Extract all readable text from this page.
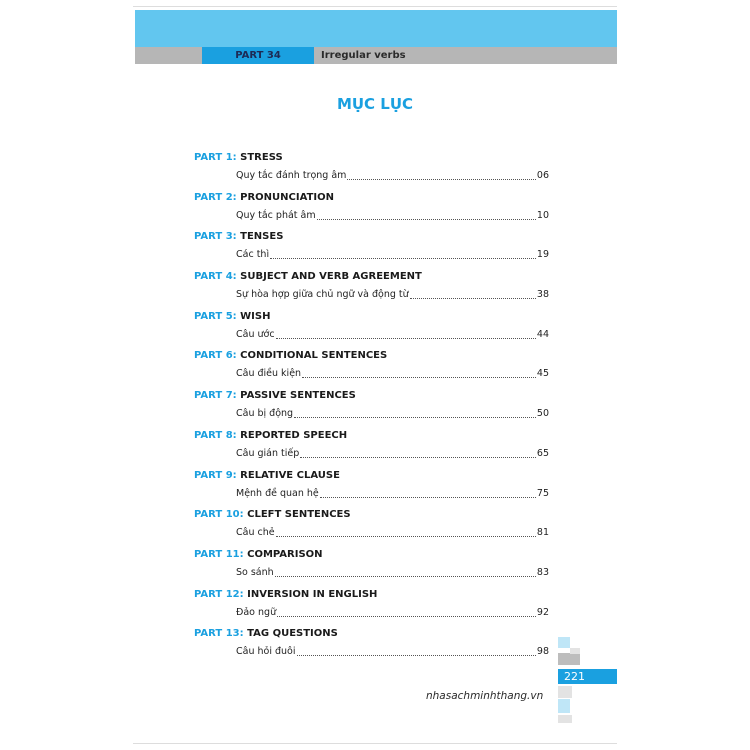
PART 34	Irregular verbs
MỤC LỤC
PART 1: STRESS
Quy tắc đánh trọng âm	06
PART 2: PRONUNCIATION
Quy tắc phát âm	10
PART 3: TENSES
Các thì	19
PART 4: SUBJECT AND VERB AGREEMENT
Sự hòa hợp giữa chủ ngữ và động từ	38
PART 5: WISH
Câu ước	44
PART 6: CONDITIONAL SENTENCES
Câu điều kiện	45
PART 7: PASSIVE SENTENCES
Câu bị động	50
PART 8: REPORTED SPEECH
Câu gián tiếp	65
PART 9: RELATIVE CLAUSE
Mệnh đề quan hệ	75
PART 10: CLEFT SENTENCES
Câu chẻ	81
PART 11: COMPARISON
So sánh	83
PART 12: INVERSION IN ENGLISH
Đảo ngữ	92
PART 13: TAG QUESTIONS
Câu hỏi đuôi	98
221
nhasachminhthang.vn
